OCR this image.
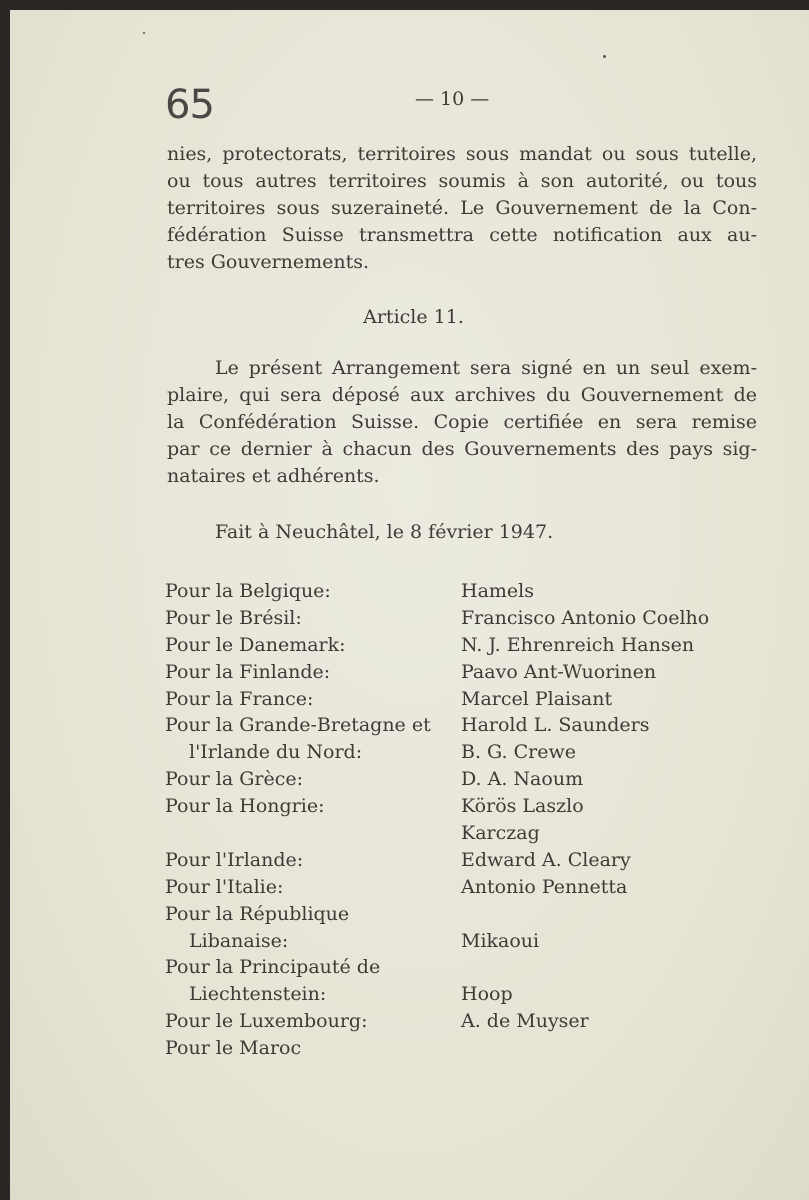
65	— 10 —

nies, protectorats, territoires sous mandat ou sous tutelle,
ou tous autres territoires soumis à son autorité, ou tous
territoires sous suzeraineté. Le Gouvernement de la Con-
fédération Suisse transmettra cette notification aux au-
tres Gouvernements.

Article 11.

Le présent Arrangement sera signé en un seul exem-
plaire, qui sera déposé aux archives du Gouvernement de
la Confédération Suisse. Copie certifiée en sera remise
par ce dernier à chacun des Gouvernements des pays sig-
nataires et adhérents.

Fait à Neuchâtel, le 8 février 1947.
Pour la Belgique:
Pour le Brésil:
Pour le Danemark:
Pour la Finlande:
Pour la France:
Pour la Grande-Bretagne et
l'Irlande du Nord:
Pour la Grèce:
Pour la Hongrie:
Pour l'Irlande:
Pour l'Italie:
Pour la République
Libanaise:
Pour la Principauté de
Liechtenstein:
Pour le Luxembourg:
Pour le Maroc
Hamels
Francisco Antonio Coelho
N. J. Ehrenreich Hansen
Paavo Ant-Wuorinen
Marcel Plaisant
Harold L. Saunders
B. G. Crewe
D. A. Naoum
Körös Laszlo
Karczag
Edward A. Cleary
Antonio Pennetta
Mikaoui
Hoop
A. de Muyser
